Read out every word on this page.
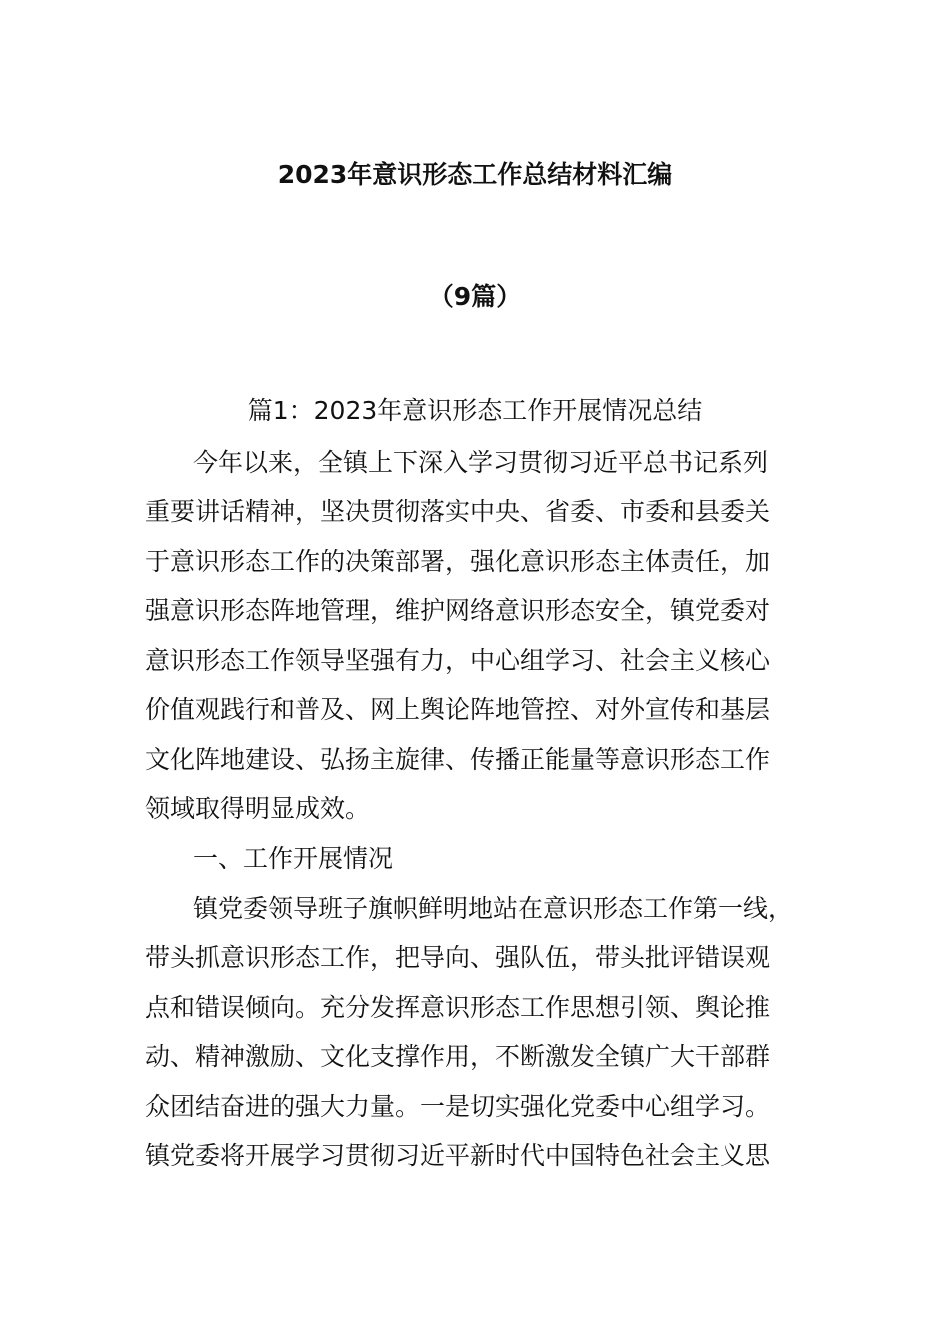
2023年意识形态工作总结材料汇编
（9篇）
篇1：2023年意识形态工作开展情况总结
今年以来，全镇上下深入学习贯彻习近平总书记系列
重要讲话精神，坚决贯彻落实中央、省委、市委和县委关
于意识形态工作的决策部署，强化意识形态主体责任，加
强意识形态阵地管理，维护网络意识形态安全，镇党委对
意识形态工作领导坚强有力，中心组学习、社会主义核心
价值观践行和普及、网上舆论阵地管控、对外宣传和基层
文化阵地建设、弘扬主旋律、传播正能量等意识形态工作
领域取得明显成效。
一、工作开展情况
镇党委领导班子旗帜鲜明地站在意识形态工作第一线，
带头抓意识形态工作，把导向、强队伍，带头批评错误观
点和错误倾向。充分发挥意识形态工作思想引领、舆论推
动、精神激励、文化支撑作用，不断激发全镇广大干部群
众团结奋进的强大力量。一是切实强化党委中心组学习。
镇党委将开展学习贯彻习近平新时代中国特色社会主义思
